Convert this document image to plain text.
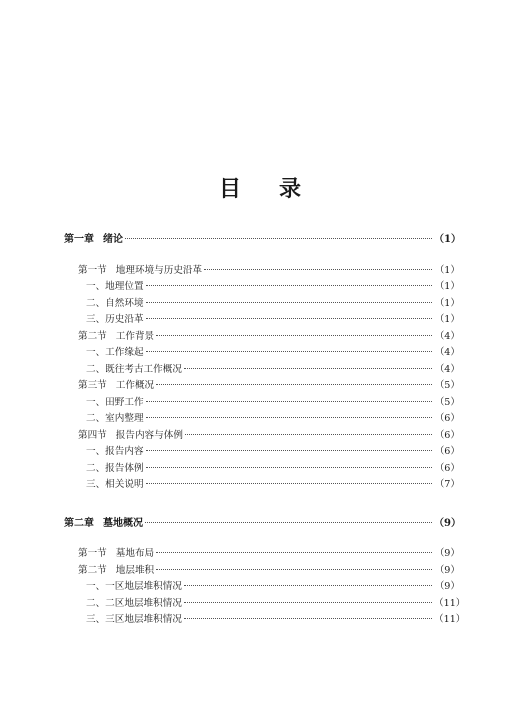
目 录
第一章 绪论	（1）
第一节 地理环境与历史沿革	（1）
一、地理位置	（1）
二、自然环境	（1）
三、历史沿革	（1）
第二节 工作背景	（4）
一、工作缘起	（4）
二、既往考古工作概况	（4）
第三节 工作概况	（5）
一、田野工作	（5）
二、室内整理	（6）
第四节 报告内容与体例	（6）
一、报告内容	（6）
二、报告体例	（6）
三、相关说明	（7）
第二章 墓地概况	（9）
第一节 墓地布局	（9）
第二节 地层堆积	（9）
一、一区地层堆积情况	（9）
二、二区地层堆积情况	（11）
三、三区地层堆积情况	（11）
